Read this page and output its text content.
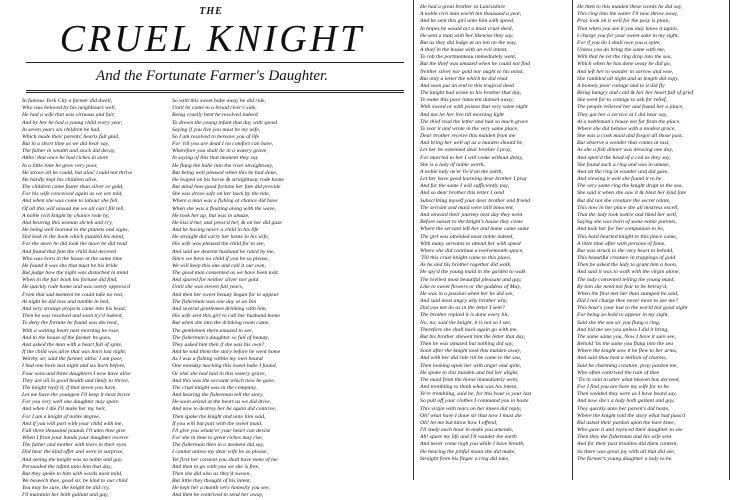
THE
CRUEL KNIGHT
And the Fortunate Farmer's Daughter.
In famous York City a farmer did dwell,
Who was beloved by his neighbours well,
He had a wife that was virtuous and fair,
And by her he had a young child every year,
In seven years six children he had,
Which made their parents' hearts full glad,
But in a short time as we did hear say,
The father in wealth and stock did decay,
Altho' that once he had riches in store
In a little time he grew very poor,
He strove all he could, but alas! could not thrive
He hardly kept his children alive,
The children came faster than silver or gold,
For his wife conceived again as we are told,
And when she was come to labour she fell,
Of all this will unsoul me we all can't fill tell,
A noble rich knight by chance rode by,
And hearing this woman shriek and cry,
He being well learned in the planets and signs,
Did look in the book which puzzled his mind,
For the more he did look the more he did read
And found that fate the child had decreed
Who was born in the house at the same time
He found it was she that must be his bride
But judge how the night was disturbed in mind
When in the fair book his fortune did find,
He quickly rode home and was sorely oppress'd
From that sad moment he could take no rest,
At night he did toss and tumble in bed,
And very strange projects came into his head,
Then he was resolved and soon try'd indeed,
To deny the fortune he found was decreed,
With a waiting heart next morning he rose,
And to the house of the farmer he goes,
And asked the man with a heart full of spite,
If the child was alive that was born last night,
Worthy sir, said the farmer, altho' I am poor,
I had one born last night and six born before,
Four sons and three daughters I now have alive
They are all in good health and likely to thrive,
The knight reply'd, if that seven you have,
Let me have the youngest I'll keep it most brave
For you very well one daughter may spare
And when I die I'll make her my heir,
For I am a knight of noble degree,
And if you will part with your child with me,
Full three thousand pounds I'll unto thee give
When I from your hands your daughter receive
The father and mother with tears in their eyes
Did hear the kind offer and were in surprise,
And seeing the knight was so noble and gay,
Persuaded the infant unto him that day,
But they spoke to him with words most mild,
We beseech thee, good sir, be kind to our child
You may be sure, the knight he did cry,
I'll maintain her both gallant and gay,
So with this sweet babe away he did ride,
Until he came to a broad river's side,
Being cruelly bent he resolved indeed
To drown the young infant that day with speed
Saying if you live you must be my wife,
So I am resolved to bereave you of life
For 'till you are dead I no comfort can have,
Wherefore you shall lie in a watery grave,
In saying of this that moment they say
He flung the babe into the river straightway,
But being well pleased when this he had done,
He leaped on his horse & straightway rode home
But mind how good fortune her fate did provide
She was drove safe on her back by the tide,
Where a man was a fishing at chance did have
When she was a floating along with the wave,
He took her up, but was in amaze,
He kiss'd her, and press'd her, & on her did gaze
And he having never a child in his life
He straight did carry her home to his wife,
His wife was pleased the child for to see,
And said we dearest husband be ruled by me,
Since we have no child if you be so please,
We will keep this one and call it our own,
The good man consented as we have been told,
And spared for neither silver nor gold
Until she was eleven full years,
And then her sweet beauty began for to appear
The fisherman was one day at an Inn
And several gentlemen drinking with him,
His wife sent this girl to call her husband home
But when she into the drinking room came,
The gentlemen there amazed to see,
The fisherman's daughter so full of beauty,
They asked him then if she was his own?
And he told them the story before he went home
As I was a fishing within my own bound
One monday morning this sweet babe I found,
Or else she had laid in this watery grave,
And this was the account which now he gave,
The cruel knight was in the company,
And hearing the fisherman tell the story,
He soon seized at the heart as we did drive,
And now to destroy her he again did contrive,
Then spake the knight and unto him said,
If you will but part with the sweet maid,
I'll give you whate'er your heart can devise
For she in time to great riches may rise,
The fisherman then in a moment did say,
I cannot unless my dear wife be so please,
Yet first her consent you shall have none of me
And then to go with you we she is free,
Then she did also as they'd swoon,
But little they thought of his intent,
He kept her a month very honestly you see,
And then he contrived to send her away,
He had a great brother in Lancashire
A noble rich man worth ten thousand a year,
And he sent this girl unto him with speed,
In hopes he would act a most cruel deed,
He sent a man with her likewise they say,
But as they did lodge at an inn on the way,
A thief in the house with an evil intent,
To rob the portmanteau immediately went,
But the thief was amazed when he could not find
Neither silver nor gold nor ought to his mind,
But only a letter the which he did read
And soon put an end to this tragical deed
The knight had wrote to his brother that day,
To make this poor innocent damsel away,
With sword or with poison that very same night
And not let her live till morning light
The thief read the letter and had so much grace
To tear it and wrote in the very same place,
Dear brother receive this maiden from me
And bring her well up as a maiden should be,
Let her be esteemed dear brother I pray,
For married to her I will come without delay,
She is a lady of noble worth,
A noble lady ne'er liv'd on the earth,
Let her have good learning dear brother I pray
And for the same I will sufficiently pay,
And so dear brother this letter I send
Subscribing myself your dear brother and friend
The servant and maid were still innocent,
And onward their journey next day they went
Before sunset to the knight's house they come
Where the servant left her and home came same
The girl was attended most noble indeed,
With many servants to attend her with speed
Where she did continue a twelvemonth space,
'Till this cruel knight came to this place,
As he and his brother together did walk,
He spy'd the young maid in the garden to walk
The lovliest most beautiful pleasant and gay,
Like to sweet flowers or the goddess of May,
He was in a passion when her he did see,
And said most angry why brother why,
Did you not do as in the letter I sent?
The brother replied it is done every bit,
No, no, said the knight, it is not so I see,
Therefore she shall back again go with me,
But his brother shewed him the letter that day,
Then he was amazed but nothing did say,
Soon after the knight took this maiden away,
And with her did ride till he came to the sea,
Then looking upon her with anger and spite,
He spoke to this maiden and bid her alight,
The maid from the horse immediately went,
And trembling to think what was his intent,
Ye're trembling, said he, for this hour is your last
So pull off your clothes I command you in haste
This virgin with tears on her knees did reply,
Oh! what have I done sir that now I must die
Oh! let me but know how I offend,
I'll study each hour to make you amends,
Ah! spare my life and I'll wander the earth
And never come nigh you while I have breath,
He hearing the pitiful moan she did make,
Straight from his finger a ring did take,
He then to this maiden these words he did say,
This ring into the water I'll now throw away,
Pray look on it well for the posy is plain,
That when you see it you may know it again,
I charge you for your sweet sake in my sight,
For if you do I shall owe you a spite,
Unless you do bring the same with me,
With that he let the ring drop into the sea,
Which when he has done away he did go,
And left her to wander in sorrow and woe,
She rambled all night and at length did espy,
A homely poor cottage and to it did fly
Being hungry and cold & her her heart full of grief
She went for to cottage to ask for relief,
The people relieved her and found her a place,
They got her a service at I did hear say,
At a nobleman's house not far from the place,
Where she did behave with a modest grace,
She was a cook maid and forgot all those past,
But observe a wonder that comes at last,
As she a fish dinner was dressing one day,
And open'd the head of a cod as they say,
She found such a ring and was in amaze,
And on the ring in wonder and did gaze,
And viewing it well she found it to be
The very same ring the knight dropt in the sea,
She said it when she saw it & blest her kind fate
But did not she creature the secret relate,
This now in her place she all mistress excell,
That the lady took notice and liked her well,
Saying she was born of some noble parents,
And took her for her companion to be,
This hard hearted knight to this place came,
A little time after with persons of fame,
But was struck to the very heart to behold,
This beautiful creature in trappings of gold
Then he asked the lady to grant him a boon,
And said it was to walk with the virgin alone,
The lady consented telling the young maid,
By him she need not fear to be betray'd,
When the first met her than stamped he said,
Did I not charge thee never more to see me?
This hour's your last to the world bid good night
For being so bold to appear in my sight,
Said she the sea sir you flung a ring,
And bid me see you unless I did it bring,
The same same you, Now I have it sure see,
Behold 'tis the same you flung into the sea
Where the knight saw it he flew to her arms,
And said thou hast a million of charms,
Said he charming creature, pray pardon me,
Who often contrived the ruin of thee
'Tis in vain to alter what heaven has decreed,
For I find you are bore my wife for to be
Then wedded they were as I have heard say,
And now she's a lady both gallant and gay,
They quickly unto her parent's did haste,
Where the knight told the story what had pass'd
Bid asked their pardon upon the bare knee,
Who gave it and rejoiced their daughter to see
Then they the fisherman and his wife sent
And for their past troubles did them content,
So there was great joy with all that did see,
The farmer's young daughter a lady to be.
